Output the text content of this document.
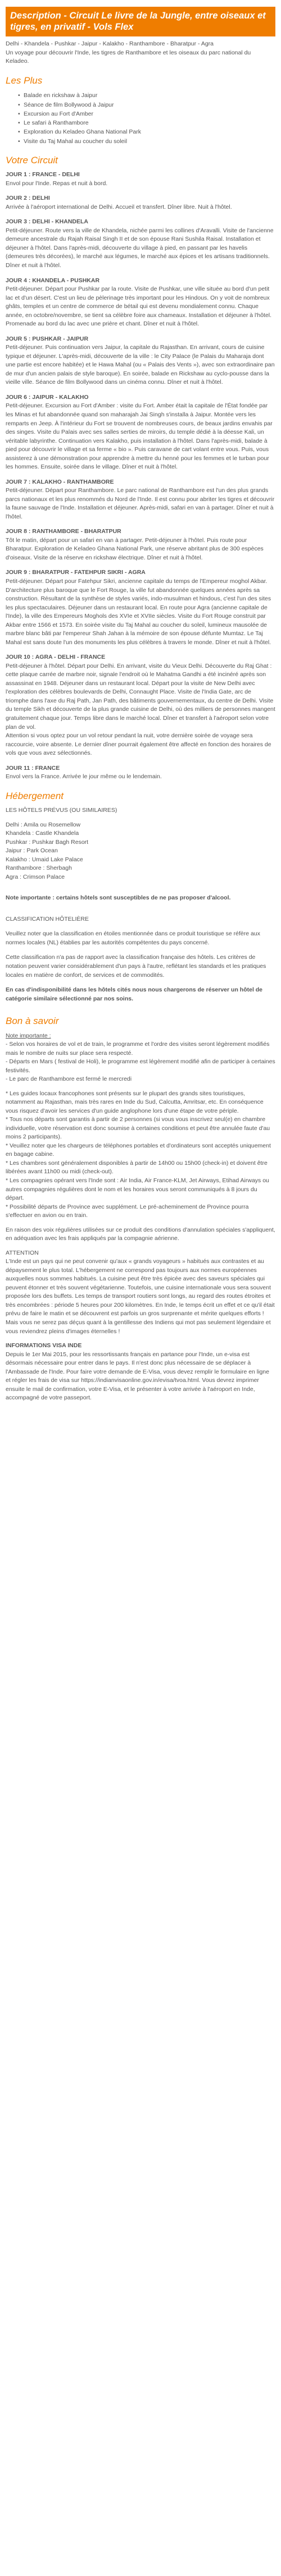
Description - Circuit Le livre de la Jungle, entre oiseaux et tigres, en privatif - Vols Flex

Delhi - Khandela - Pushkar - Jaipur - Kalakho - Ranthambore - Bharatpur - Agra

Un voyage pour découvrir l'Inde, les tigres de Ranthambore et les oiseaux du parc national du Keladeo.

Les Plus
• Balade en rickshaw à Jaipur
• Séance de film Bollywood à Jaipur
• Excursion au Fort d'Amber
• Le safari à Ranthambore
• Exploration du Keladeo Ghana National Park
• Visite du Taj Mahal au coucher du soleil
Votre Circuit
JOUR 1 : FRANCE - DELHI

Envol pour l'Inde. Repas et nuit à bord.

JOUR 2 : DELHI

Arrivée à l'aéroport international de Delhi. Accueil et transfert. Dîner libre. Nuit à l'hôtel.

JOUR 3 : DELHI - KHANDELA

Petit-déjeuner. Route vers la ville de Khandela, nichée parmi les collines d'Aravalli. Visite de l'ancienne demeure ancestrale du Rajah Raisal Singh II et de son épouse Rani Sushila Raisal. Installation et déjeuner à l'hôtel. Dans l'après-midi, découverte du village à pied, en passant par les havelis (demeures très décorées), le marché aux légumes, le marché aux épices et les artisans traditionnels. Dîner et nuit à l'hôtel.

JOUR 4 : KHANDELA - PUSHKAR

Petit-déjeuner. Départ pour Pushkar par la route. Visite de Pushkar, une ville située au bord d'un petit lac et d'un désert. C'est un lieu de pèlerinage très important pour les Hindous. On y voit de nombreux ghâts, temples et un centre de commerce de bétail qui est devenu mondialement connu. Chaque année, en octobre/novembre, se tient sa célèbre foire aux chameaux. Installation et déjeuner à l'hôtel. Promenade au bord du lac avec une prière et chant. Dîner et nuit à l'hôtel.

JOUR 5 : PUSHKAR - JAIPUR

Petit-déjeuner. Puis continuation vers Jaipur, la capitale du Rajasthan. En arrivant, cours de cuisine typique et déjeuner. L'après-midi, découverte de la ville : le City Palace (le Palais du Maharaja dont une partie est encore habitée) et le Hawa Mahal (ou « Palais des Vents »), avec son extraordinaire pan de mur d'un ancien palais de style baroque). En soirée, balade en Rickshaw au cyclo-pousse dans la vieille ville. Séance de film Bollywood dans un cinéma connu. Dîner et nuit à l'hôtel.

JOUR 6 : JAIPUR - KALAKHO

Petit-déjeuner. Excursion au Fort d'Amber : visite du Fort. Amber était la capitale de l'État fondée par les Minas et fut abandonnée quand son maharajah Jai Singh s'installa à Jaipur. Montée vers les remparts en Jeep. À l'intérieur du Fort se trouvent de nombreuses cours, de beaux jardins envahis par des singes. Visite du Palais avec ses salles serties de miroirs, du temple dédié à la déesse Kali, un véritable labyrinthe. Continuation vers Kalakho, puis installation à l'hôtel. Dans l'après-midi, balade à pied pour découvrir le village et sa ferme « bio ». Puis caravane de cart volant entre vous. Puis, vous assisterez à une démonstration pour apprendre à mettre du henné pour les femmes et le turban pour les hommes. Ensuite, soirée dans le village. Dîner et nuit à l'hôtel.

JOUR 7 : KALAKHO - RANTHAMBORE

Petit-déjeuner. Départ pour Ranthambore. Le parc national de Ranthambore est l'un des plus grands parcs nationaux et les plus renommés du Nord de l'Inde. Il est connu pour abriter les tigres et découvrir la faune sauvage de l'Inde. Installation et déjeuner. Après-midi, safari en van à partager. Dîner et nuit à l'hôtel.

JOUR 8 : RANTHAMBORE - BHARATPUR

Tôt le matin, départ pour un safari en van à partager. Petit-déjeuner à l'hôtel. Puis route pour Bharatpur. Exploration de Keladeo Ghana National Park, une réserve abritant plus de 300 espèces d'oiseaux. Visite de la réserve en rickshaw électrique. Dîner et nuit à l'hôtel.

JOUR 9 : BHARATPUR - FATEHPUR SIKRI - AGRA

Petit-déjeuner. Départ pour Fatehpur Sikri, ancienne capitale du temps de l'Empereur moghol Akbar. D'architecture plus baroque que le Fort Rouge, la ville fut abandonnée quelques années après sa construction. Résultant de la synthèse de styles variés, indo-musulman et hindous, c'est l'un des sites les plus spectaculaires. Déjeuner dans un restaurant local. En route pour Agra (ancienne capitale de l'Inde), la ville des Empereurs Moghols des XVIe et XVIIe siècles. Visite du Fort Rouge construit par Akbar entre 1566 et 1573. En soirée visite du Taj Mahal au coucher du soleil, lumineux mausolée de marbre blanc bâti par l'empereur Shah Jahan à la mémoire de son épouse défunte Mumtaz. Le Taj Mahal est sans doute l'un des monuments les plus célèbres à travers le monde. Dîner et nuit à l'hôtel.

JOUR 10 : AGRA - DELHI - FRANCE

Petit-déjeuner à l'hôtel. Départ pour Delhi. En arrivant, visite du Vieux Delhi. Découverte du Raj Ghat : cette plaque carrée de marbre noir, signale l'endroit où le Mahatma Gandhi a été incinéré après son assassinat en 1948. Déjeuner dans un restaurant local. Départ pour la visite de New Delhi avec l'exploration des célèbres boulevards de Delhi, Connaught Place. Visite de l'India Gate, arc de triomphe dans l'axe du Raj Path, Jan Path, des bâtiments gouvernementaux, du centre de Delhi. Visite du temple Sikh et découverte de la plus grande cuisine de Delhi, où des milliers de personnes mangent gratuitement chaque jour. Temps libre dans le marché local. Dîner et transfert à l'aéroport selon votre plan de vol.

Attention si vous optez pour un vol retour pendant la nuit, votre dernière soirée de voyage sera raccourcie, voire absente. Le dernier dîner pourrait également être affecté en fonction des horaires de vols que vous avez sélectionnés.

JOUR 11 : FRANCE

Envol vers la France. Arrivée le jour même ou le lendemain.

Hébergement

LES HÔTELS PRÉVUS (OU SIMILAIRES)

Delhi : Amila ou Rosemellow

Khandela : Castle Khandela

Pushkar : Pushkar Bagh Resort

Jaipur : Park Ocean

Kalakho : Umaid Lake Palace

Ranthambore : Sherbagh

Agra : Crimson Palace

Note importante : certains hôtels sont susceptibles de ne pas proposer d'alcool.

CLASSIFICATION HÔTELIÈRE

Veuillez noter que la classification en étoiles mentionnée dans ce produit touristique se réfère aux normes locales (NL) établies par les autorités compétentes du pays concerné.

Cette classification n'a pas de rapport avec la classification française des hôtels. Les critères de notation peuvent varier considérablement d'un pays à l'autre, reflétant les standards et les pratiques locales en matière de confort, de services et de commodités.

En cas d'indisponibilité dans les hôtels cités nous nous chargerons de réserver un hôtel de catégorie similaire sélectionné par nos soins.

Bon à savoir

Note importante :

- Selon vos horaires de vol et de train, le programme et l'ordre des visites seront légèrement modifiés mais le nombre de nuits sur place sera respecté.

- Départs en Mars ( festival de Holi), le programme est légèrement modifié afin de participer à certaines festivités.

- Le parc de Ranthambore est fermé le mercredi

* Les guides locaux francophones sont présents sur le plupart des grands sites touristiques, notamment au Rajasthan, mais très rares en Inde du Sud, Calcutta, Amritsar, etc. En conséquence vous risquez d'avoir les services d'un guide anglophone lors d'une étape de votre périple.

* Tous nos départs sont garantis à partir de 2 personnes (si vous vous inscrivez seul(e) en chambre individuelle, votre réservation est donc soumise à certaines conditions et peut être annulée faute d'au moins 2 participants).

* Veuillez noter que les chargeurs de téléphones portables et d'ordinateurs sont acceptés uniquement en bagage cabine.

* Les chambres sont généralement disponibles à partir de 14h00 ou 15h00 (check-in) et doivent être libérées avant 11h00 ou midi (check-out).

* Les compagnies opérant vers l'Inde sont : Air India, Air France-KLM, Jet Airways, Etihad Airways ou autres compagnies régulières dont le nom et les horaires vous seront communiqués à 8 jours du départ.

* Possibilité départs de Province avec supplément. Le pré-acheminement de Province pourra s'effectuer en avion ou en train.

En raison des voix régulières utilisées sur ce produit des conditions d'annulation spéciales s'appliquent, en adéquation avec les frais appliqués par la compagnie aérienne.

ATTENTION

L'Inde est un pays qui ne peut convenir qu'aux « grands voyageurs » habitués aux contrastes et au dépaysement le plus total. L'hébergement ne correspond pas toujours aux normes européennes auxquelles nous sommes habitués. La cuisine peut être très épicée avec des saveurs spéciales qui peuvent étonner et très souvent végétarienne. Toutefois, une cuisine internationale vous sera souvent proposée lors des buffets. Les temps de transport routiers sont longs, au regard des routes étroites et très encombrées : période 5 heures pour 200 kilomètres. En Inde, le temps écrit un effet et ce qu'il était prévu de faire le matin et se découvrent est parfois un gros surprenante et mérite quelques efforts ! Mais vous ne serez pas déçus quant à la gentillesse des Indiens qui mot pas seulement légendaire et vous reviendrez pleins d'images éternelles !

INFORMATIONS VISA INDE

Depuis le 1er Mai 2015, pour les ressortissants français en partance pour l'Inde, un e-visa est désormais nécessaire pour entrer dans le pays. Il n'est donc plus nécessaire de se déplacer à l'Ambassade de l'Inde. Pour faire votre demande de E-Visa, vous devez remplir le formulaire en ligne et régler les frais de visa sur https://indianvisaonline.gov.in/evisa/tvoa.html. Vous devrez imprimer ensuite le mail de confirmation, votre E-Visa, et le présenter à votre arrivée à l'aéroport en Inde, accompagné de votre passeport.
